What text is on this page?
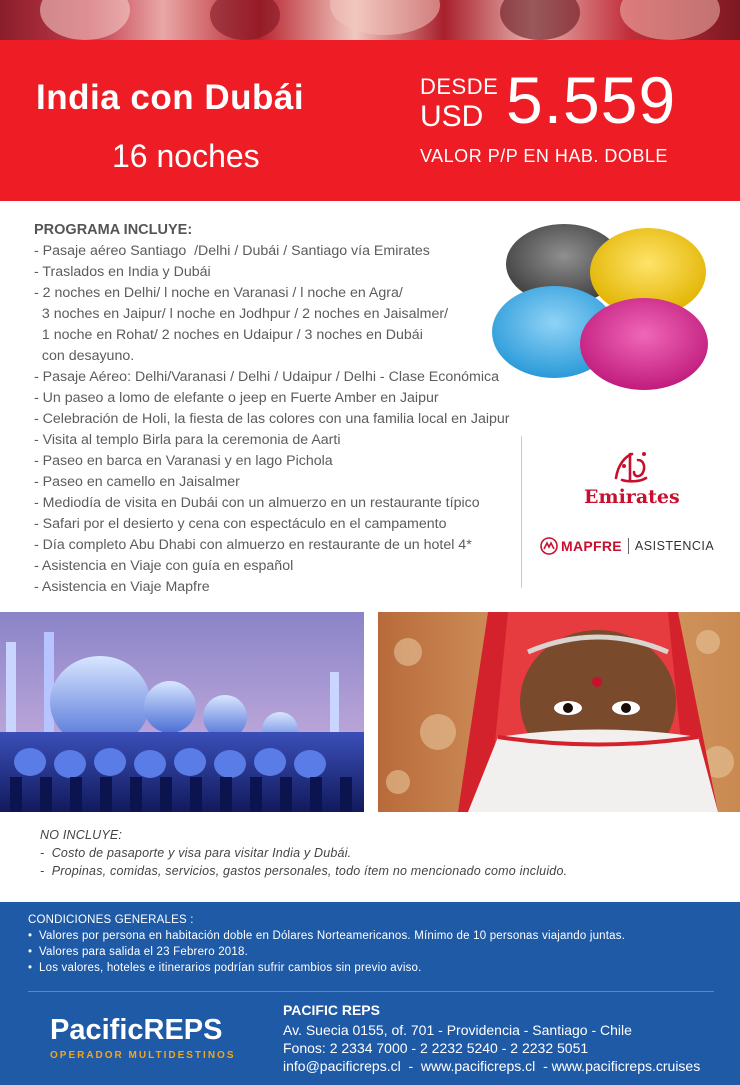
India con Dubái
16 noches
DESDE
USD 5.559
VALOR P/P EN HAB. DOBLE
PROGRAMA INCLUYE:
- Pasaje aéreo Santiago  /Delhi / Dubái / Santiago vía Emirates
- Traslados en India y Dubái
- 2 noches en Delhi/ l noche en Varanasi / l noche en Agra/
3 noches en Jaipur/ l noche en Jodhpur / 2 noches en Jaisalmer/
1 noche en Rohat/ 2 noches en Udaipur / 3 noches en Dubái
con desayuno.
- Pasaje Aéreo: Delhi/Varanasi / Delhi / Udaipur / Delhi - Clase Económica
- Un paseo a lomo de elefante o jeep en Fuerte Amber en Jaipur
- Celebración de Holi, la fiesta de las colores con una familia local en Jaipur
- Visita al templo Birla para la ceremonia de Aarti
- Paseo en barca en Varanasi y en lago Pichola
- Paseo en camello en Jaisalmer
- Mediodía de visita en Dubái con un almuerzo en un restaurante típico
- Safari por el desierto y cena con espectáculo en el campamento
- Día completo Abu Dhabi con almuerzo en restaurante de un hotel 4*
- Asistencia en Viaje con guía en español
- Asistencia en Viaje Mapfre
Emirates
MAPFRE ASISTENCIA
NO INCLUYE:
-  Costo de pasaporte y visa para visitar India y Dubái.
-  Propinas, comidas, servicios, gastos personales, todo ítem no mencionado como incluido.
CONDICIONES GENERALES :
•  Valores por persona en habitación doble en Dólares Norteamericanos. Mínimo de 10 personas viajando juntas.
•  Valores para salida el 23 Febrero 2018.
•  Los valores, hoteles e itinerarios podrían sufrir cambios sin previo aviso.
PacificREPS
OPERADOR MULTIDESTINOS
PACIFIC REPS
Av. Suecia 0155, of. 701 - Providencia - Santiago - Chile
Fonos: 2 2334 7000 - 2 2232 5240 - 2 2232 5051
info@pacificreps.cl  -  www.pacificreps.cl  - www.pacificreps.cruises
